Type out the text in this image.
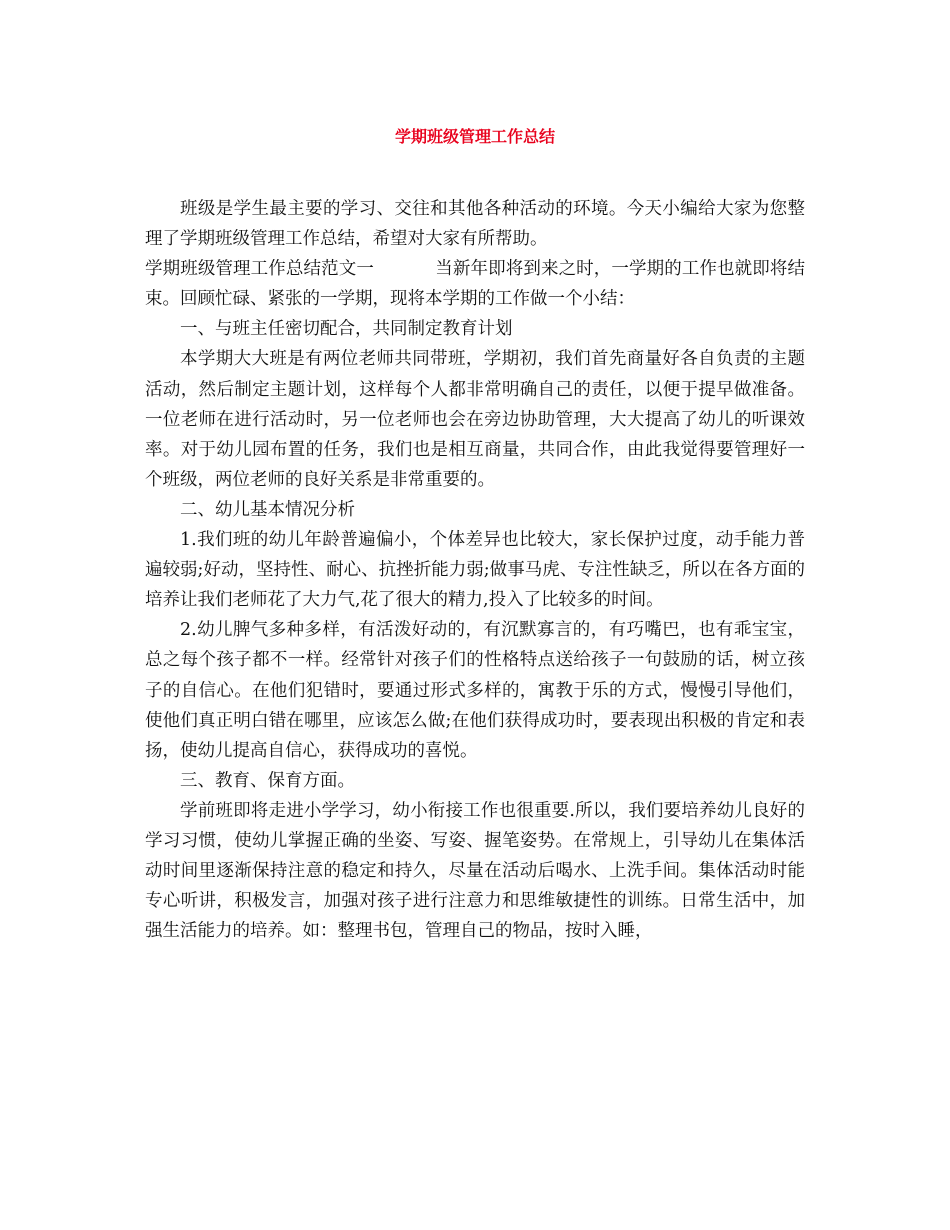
学期班级管理工作总结

班级是学生最主要的学习、交往和其他各种活动的环境。今天小编给大家为您整理了学期班级管理工作总结，希望对大家有所帮助。

学期班级管理工作总结范文一	当新年即将到来之时，一学期的工作也就即将结束。回顾忙碌、紧张的一学期，现将本学期的工作做一个小结：

一、与班主任密切配合，共同制定教育计划

本学期大大班是有两位老师共同带班，学期初，我们首先商量好各自负责的主题活动，然后制定主题计划，这样每个人都非常明确自己的责任，以便于提早做准备。一位老师在进行活动时，另一位老师也会在旁边协助管理，大大提高了幼儿的听课效率。对于幼儿园布置的任务，我们也是相互商量，共同合作，由此我觉得要管理好一个班级，两位老师的良好关系是非常重要的。

二、幼儿基本情况分析

1.我们班的幼儿年龄普遍偏小，个体差异也比较大，家长保护过度，动手能力普遍较弱;好动，坚持性、耐心、抗挫折能力弱;做事马虎、专注性缺乏，所以在各方面的培养让我们老师花了大力气,花了很大的精力,投入了比较多的时间。

2.幼儿脾气多种多样，有活泼好动的，有沉默寡言的，有巧嘴巴，也有乖宝宝，总之每个孩子都不一样。经常针对孩子们的性格特点送给孩子一句鼓励的话，树立孩子的自信心。在他们犯错时，要通过形式多样的，寓教于乐的方式，慢慢引导他们，使他们真正明白错在哪里，应该怎么做;在他们获得成功时，要表现出积极的肯定和表扬，使幼儿提高自信心，获得成功的喜悦。

三、教育、保育方面。

学前班即将走进小学学习，幼小衔接工作也很重要.所以，我们要培养幼儿良好的学习习惯，使幼儿掌握正确的坐姿、写姿、握笔姿势。在常规上，引导幼儿在集体活动时间里逐渐保持注意的稳定和持久，尽量在活动后喝水、上洗手间。集体活动时能专心听讲，积极发言，加强对孩子进行注意力和思维敏捷性的训练。日常生活中，加强生活能力的培养。如：整理书包，管理自己的物品，按时入睡，
